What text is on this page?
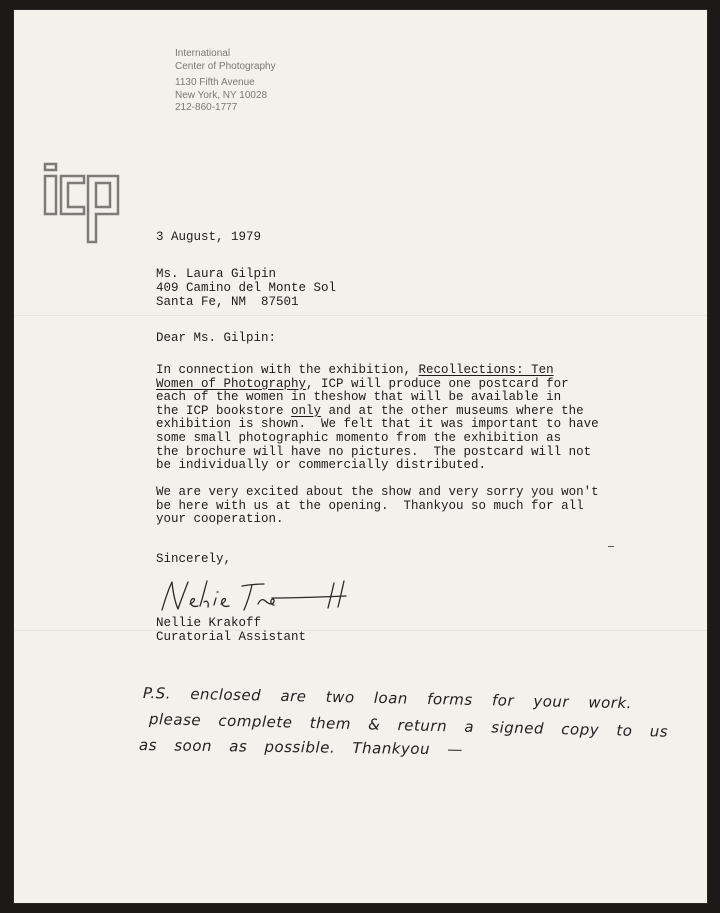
International
Center of Photography
1130 Fifth Avenue
New York, NY 10028
212-860-1777
3 August, 1979
Ms. Laura Gilpin
409 Camino del Monte Sol
Santa Fe, NM  87501
Dear Ms. Gilpin:
In connection with the exhibition, Recollections: Ten
Women of Photography, ICP will produce one postcard for
each of the women in theshow that will be available in
the ICP bookstore only and at the other museums where the
exhibition is shown.  We felt that it was important to have
some small photographic momento from the exhibition as
the brochure will have no pictures.  The postcard will not
be individually or commercially distributed.
We are very excited about the show and very sorry you won't
be here with us at the opening.  Thankyou so much for all
your cooperation.
Sincerely,
Nellie Krakoff
Curatorial Assistant
P.S. enclosed are two loan forms for your work.
please complete them & return a signed copy to us
as soon as possible. Thankyou —
